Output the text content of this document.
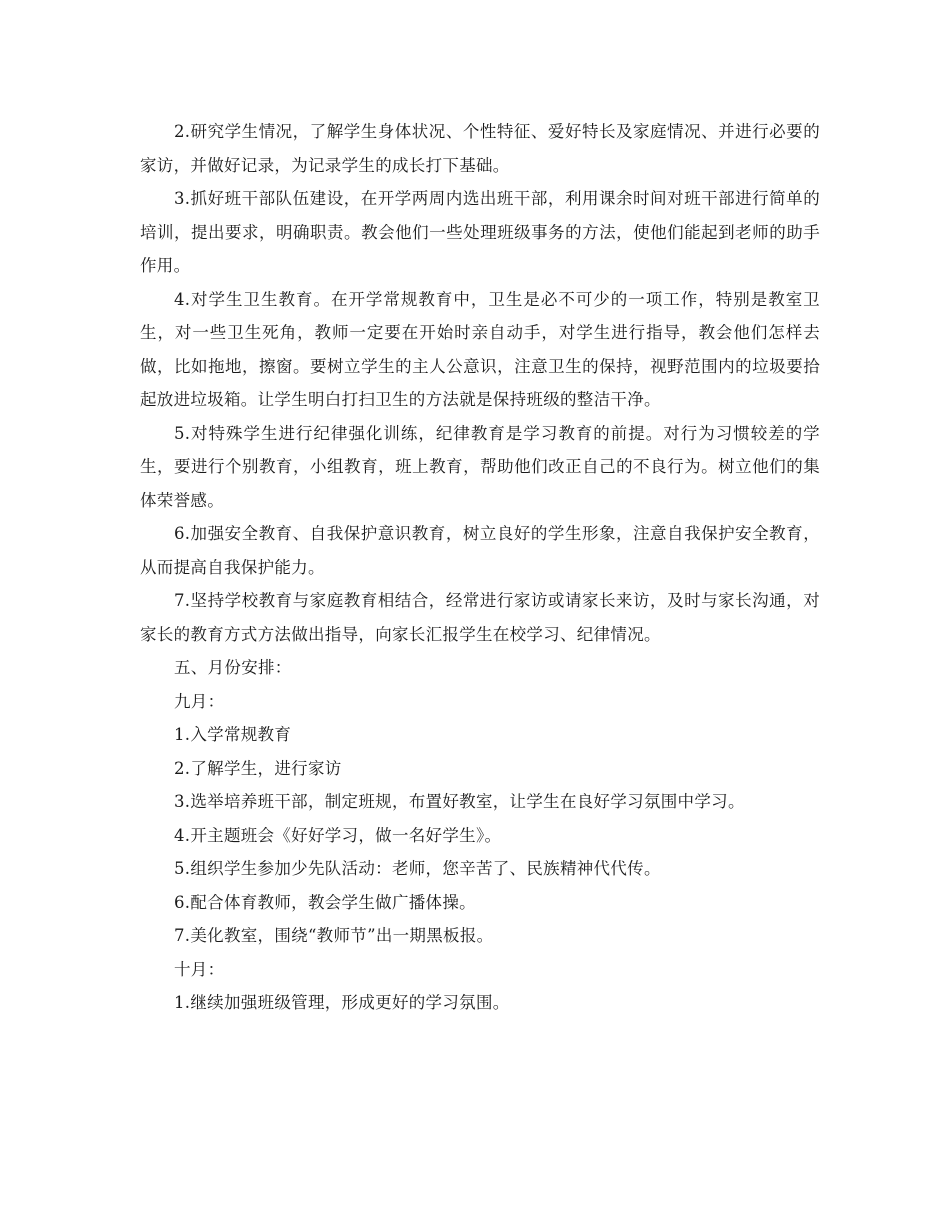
2.研究学生情况，了解学生身体状况、个性特征、爱好特长及家庭情况、并进行必要的家访，并做好记录，为记录学生的成长打下基础。

3.抓好班干部队伍建设，在开学两周内选出班干部，利用课余时间对班干部进行简单的培训，提出要求，明确职责。教会他们一些处理班级事务的方法，使他们能起到老师的助手作用。

4.对学生卫生教育。在开学常规教育中，卫生是必不可少的一项工作，特别是教室卫生，对一些卫生死角，教师一定要在开始时亲自动手，对学生进行指导，教会他们怎样去做，比如拖地，擦窗。要树立学生的主人公意识，注意卫生的保持，视野范围内的垃圾要拾起放进垃圾箱。让学生明白打扫卫生的方法就是保持班级的整洁干净。

5.对特殊学生进行纪律强化训练，纪律教育是学习教育的前提。对行为习惯较差的学生，要进行个别教育，小组教育，班上教育，帮助他们改正自己的不良行为。树立他们的集体荣誉感。

6.加强安全教育、自我保护意识教育，树立良好的学生形象，注意自我保护安全教育，从而提高自我保护能力。

7.坚持学校教育与家庭教育相结合，经常进行家访或请家长来访，及时与家长沟通，对家长的教育方式方法做出指导，向家长汇报学生在校学习、纪律情况。

五、月份安排：

九月：

1.入学常规教育

2.了解学生，进行家访

3.选举培养班干部，制定班规，布置好教室，让学生在良好学习氛围中学习。

4.开主题班会《好好学习，做一名好学生》。

5.组织学生参加少先队活动：老师，您辛苦了、民族精神代代传。

6.配合体育教师，教会学生做广播体操。

7.美化教室，围绕“教师节”出一期黑板报。

十月：

1.继续加强班级管理，形成更好的学习氛围。
